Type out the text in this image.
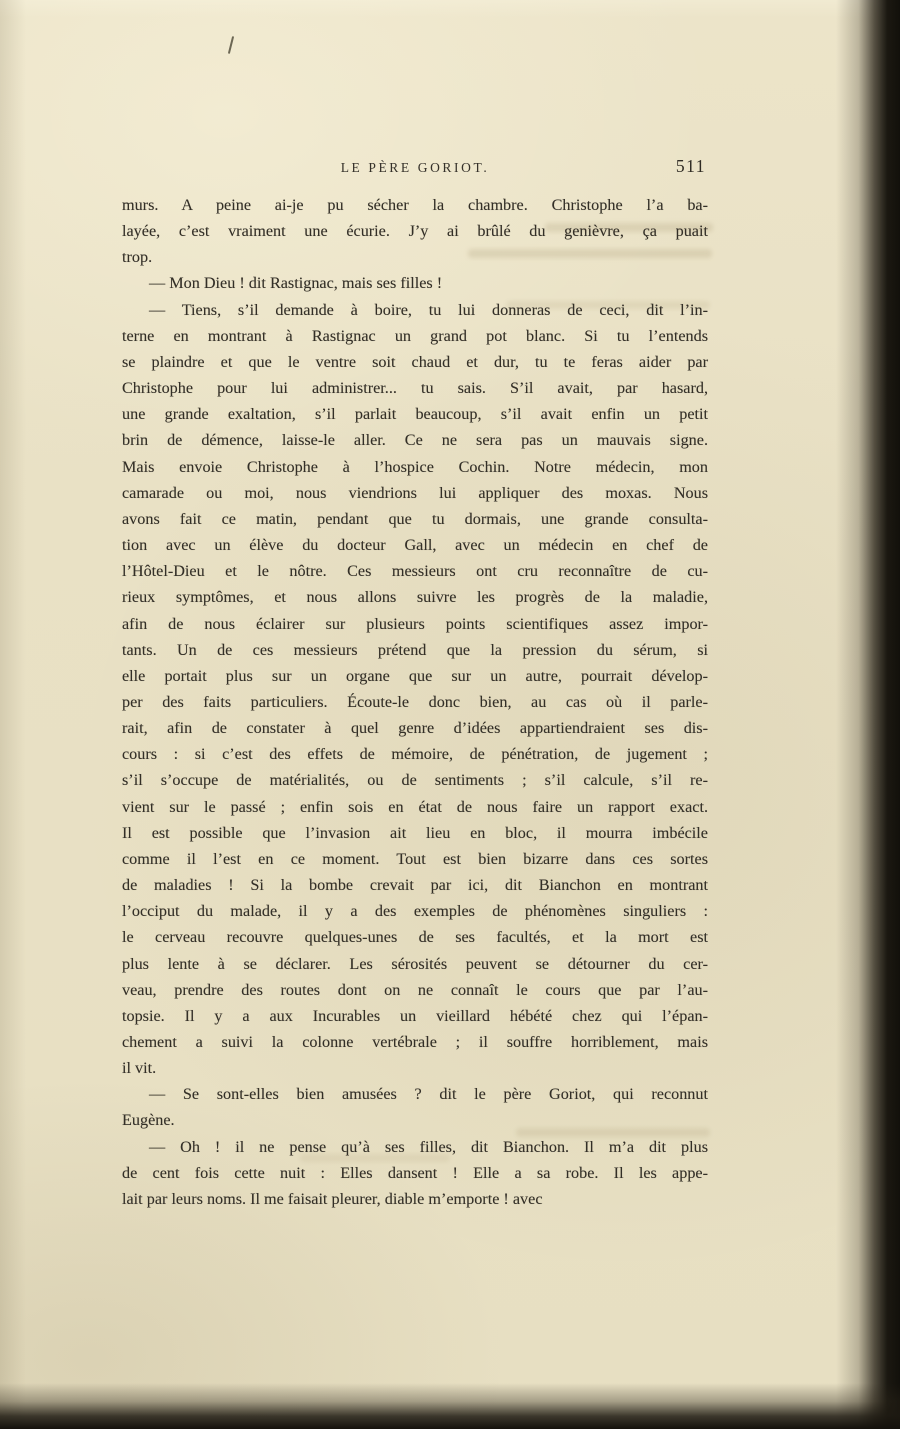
LE PÈRE GORIOT.	511
murs. A peine ai-je pu sécher la chambre. Christophe l’a ba-
layée, c’est vraiment une écurie. J’y ai brûlé du genièvre, ça puait
trop.
— Mon Dieu ! dit Rastignac, mais ses filles !
— Tiens, s’il demande à boire, tu lui donneras de ceci, dit l’in-
terne en montrant à Rastignac un grand pot blanc. Si tu l’entends
se plaindre et que le ventre soit chaud et dur, tu te feras aider par
Christophe pour lui administrer... tu sais. S’il avait, par hasard,
une grande exaltation, s’il parlait beaucoup, s’il avait enfin un petit
brin de démence, laisse-le aller. Ce ne sera pas un mauvais signe.
Mais envoie Christophe à l’hospice Cochin. Notre médecin, mon
camarade ou moi, nous viendrions lui appliquer des moxas. Nous
avons fait ce matin, pendant que tu dormais, une grande consulta-
tion avec un élève du docteur Gall, avec un médecin en chef de
l’Hôtel-Dieu et le nôtre. Ces messieurs ont cru reconnaître de cu-
rieux symptômes, et nous allons suivre les progrès de la maladie,
afin de nous éclairer sur plusieurs points scientifiques assez impor-
tants. Un de ces messieurs prétend que la pression du sérum, si
elle portait plus sur un organe que sur un autre, pourrait dévelop-
per des faits particuliers. Écoute-le donc bien, au cas où il parle-
rait, afin de constater à quel genre d’idées appartiendraient ses dis-
cours : si c’est des effets de mémoire, de pénétration, de jugement ;
s’il s’occupe de matérialités, ou de sentiments ; s’il calcule, s’il re-
vient sur le passé ; enfin sois en état de nous faire un rapport exact.
Il est possible que l’invasion ait lieu en bloc, il mourra imbécile
comme il l’est en ce moment. Tout est bien bizarre dans ces sortes
de maladies ! Si la bombe crevait par ici, dit Bianchon en montrant
l’occiput du malade, il y a des exemples de phénomènes singuliers :
le cerveau recouvre quelques-unes de ses facultés, et la mort est
plus lente à se déclarer. Les sérosités peuvent se détourner du cer-
veau, prendre des routes dont on ne connaît le cours que par l’au-
topsie. Il y a aux Incurables un vieillard hébété chez qui l’épan-
chement a suivi la colonne vertébrale ; il souffre horriblement, mais
il vit.
— Se sont-elles bien amusées ? dit le père Goriot, qui reconnut
Eugène.
— Oh ! il ne pense qu’à ses filles, dit Bianchon. Il m’a dit plus
de cent fois cette nuit : Elles dansent ! Elle a sa robe. Il les appe-
lait par leurs noms. Il me faisait pleurer, diable m’emporte ! avec
